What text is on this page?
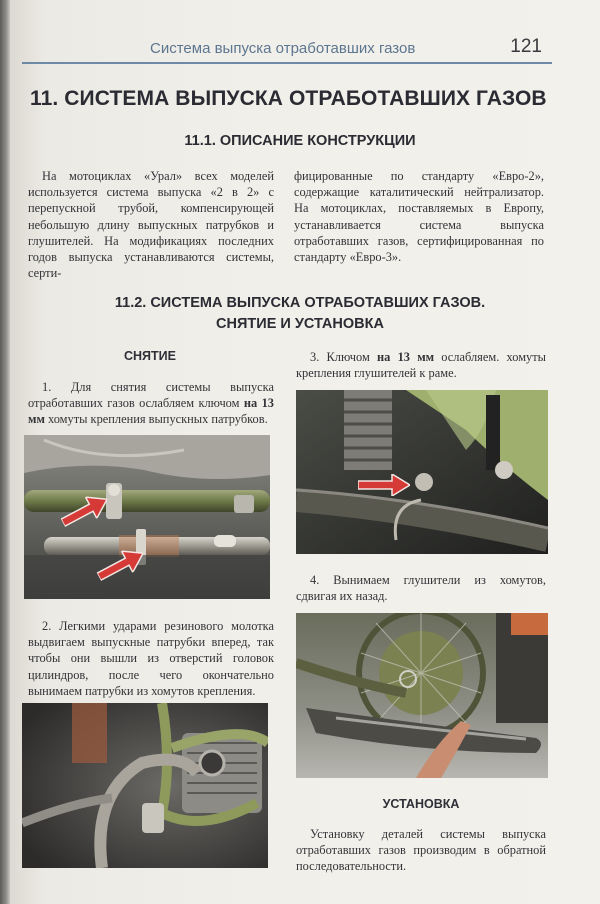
Система выпуска отработавших газов	121
11. СИСТЕМА ВЫПУСКА ОТРАБОТАВШИХ ГАЗОВ
11.1. ОПИСАНИЕ КОНСТРУКЦИИ
На мотоциклах «Урал» всех моделей используется система выпуска «2 в 2» с перепускной трубой, компенсирующей небольшую длину выпускных патрубков и глушителей. На модификациях последних годов выпуска устанавливаются системы, серти-
фицированные по стандарту «Евро-2», содержащие каталитический нейтрализатор. На мотоциклах, поставляемых в Европу, устанавливается система выпуска отработавших газов, сертифицированная по стандарту «Евро-3».
11.2. СИСТЕМА ВЫПУСКА ОТРАБОТАВШИХ ГАЗОВ.
СНЯТИЕ И УСТАНОВКА
СНЯТИЕ
1. Для снятия системы выпуска отработавших газов ослабляем ключом на 13 мм хомуты крепления выпускных патрубков.
2. Легкими ударами резинового молотка выдвигаем выпускные патрубки вперед, так чтобы они вышли из отверстий головок цилиндров, после чего окончательно вынимаем патрубки из хомутов крепления.
3. Ключом на 13 мм ослабляем. хомуты крепления глушителей к раме.
4. Вынимаем глушители из хомутов, сдвигая их назад.
УСТАНОВКА
Установку деталей системы выпуска отработавших газов производим в обратной последовательности.
